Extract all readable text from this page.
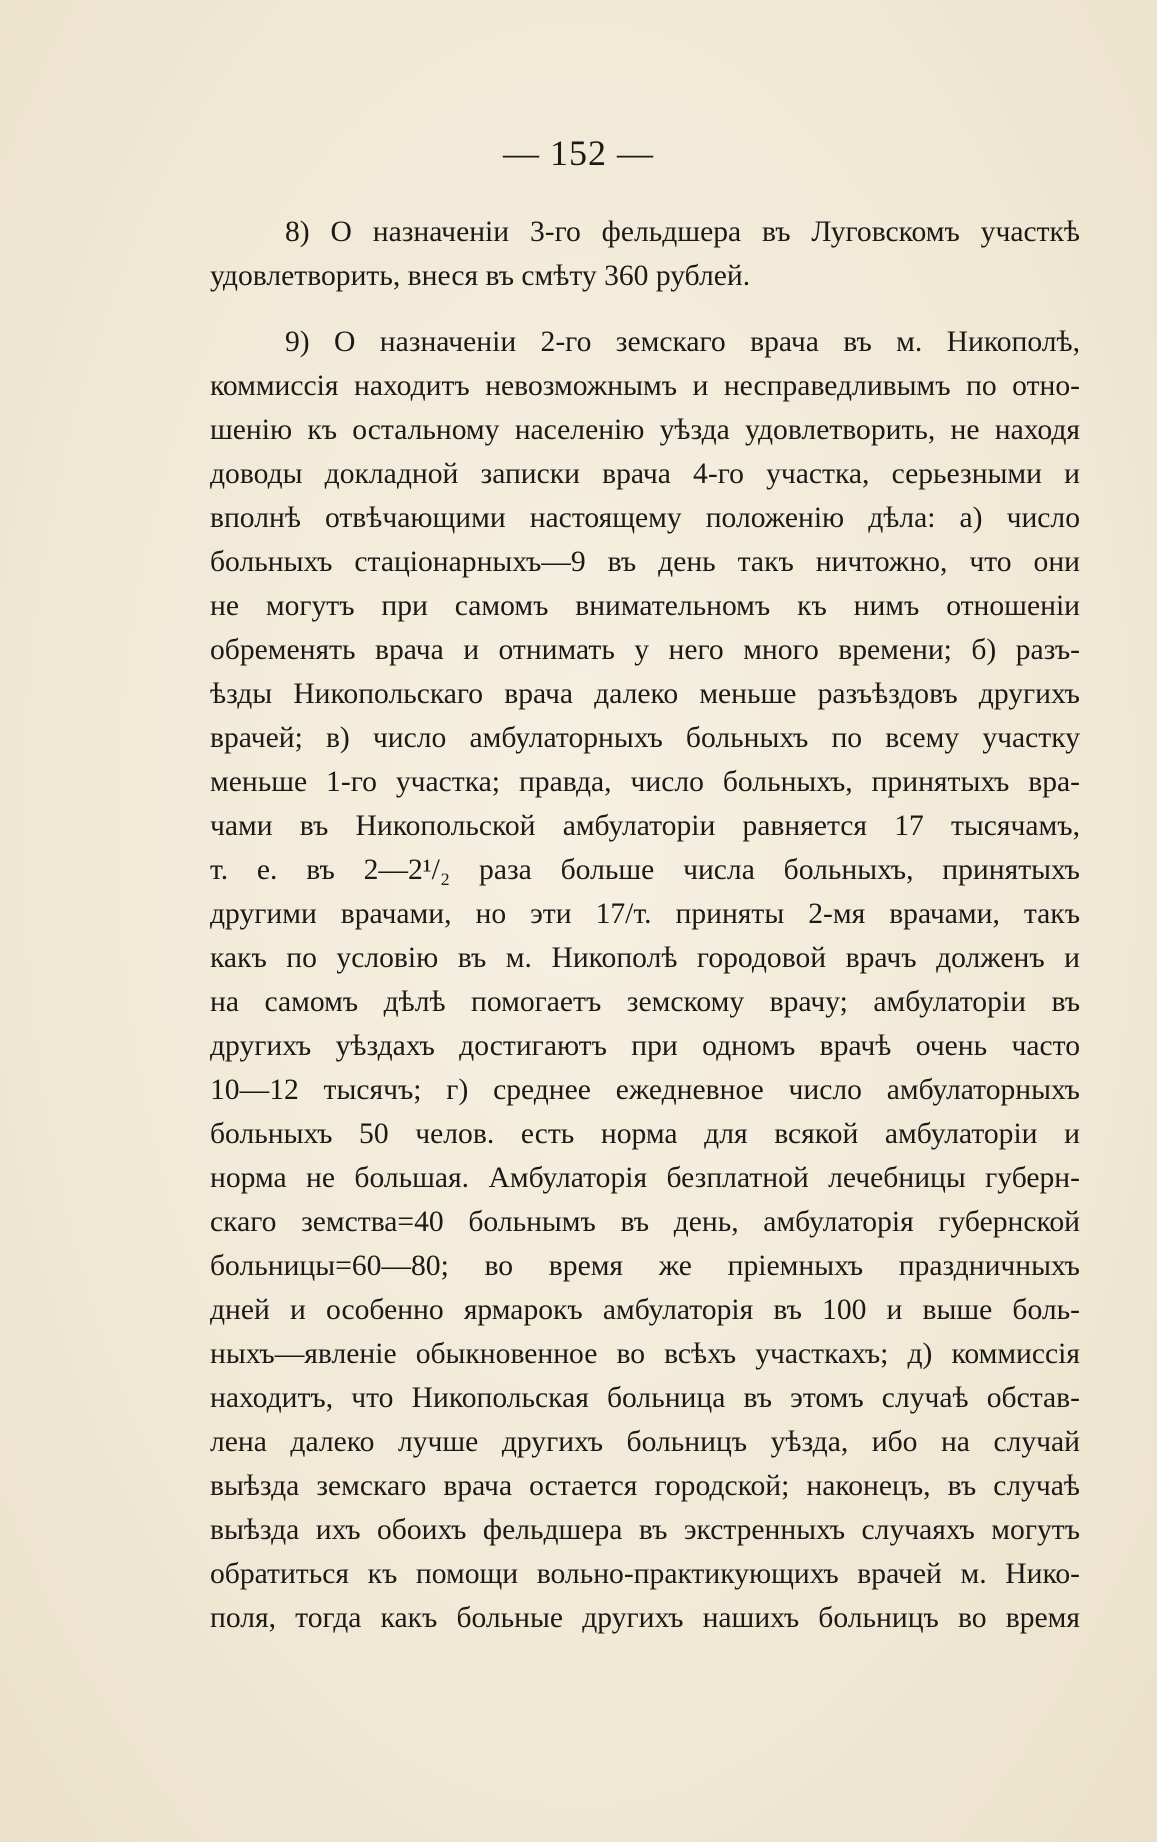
— 152 —
8) О назначеніи 3-го фельдшера въ Луговскомъ участкѣ
удовлетворить, внеся въ смѣту 360 рублей.
9) О назначеніи 2-го земскаго врача въ м. Никополѣ,
коммиссія находитъ невозможнымъ и несправедливымъ по отно-
шенію къ остальному населенію уѣзда удовлетворить, не находя
доводы докладной записки врача 4-го участка, серьезными и
вполнѣ отвѣчающими настоящему положенію дѣла: а) число
больныхъ стаціонарныхъ—9 въ день такъ ничтожно, что они
не могутъ при самомъ внимательномъ къ нимъ отношеніи
обременять врача и отнимать у него много времени; б) разъ-
ѣзды Никопольскаго врача далеко меньше разъѣздовъ другихъ
врачей; в) число амбулаторныхъ больныхъ по всему участку
меньше 1-го участка; правда, число больныхъ, принятыхъ вра-
чами въ Никопольской амбулаторіи равняется 17 тысячамъ,
т. е. въ 2—2¹/₂ раза больше числа больныхъ, принятыхъ
другими врачами, но эти 17/т. приняты 2-мя врачами, такъ
какъ по условію въ м. Никополѣ городовой врачъ долженъ и
на самомъ дѣлѣ помогаетъ земскому врачу; амбулаторіи въ
другихъ уѣздахъ достигаютъ при одномъ врачѣ очень часто
10—12 тысячъ; г) среднее ежедневное число амбулаторныхъ
больныхъ 50 челов. есть норма для всякой амбулаторіи и
норма не большая. Амбулаторія безплатной лечебницы губерн-
скаго земства=40 больнымъ въ день, амбулаторія губернской
больницы=60—80; во время же пріемныхъ праздничныхъ
дней и особенно ярмарокъ амбулаторія въ 100 и выше боль-
ныхъ—явленіе обыкновенное во всѣхъ участкахъ; д) коммиссія
находитъ, что Никопольская больница въ этомъ случаѣ обстав-
лена далеко лучше другихъ больницъ уѣзда, ибо на случай
выѣзда земскаго врача остается городской; наконецъ, въ случаѣ
выѣзда ихъ обоихъ фельдшера въ экстренныхъ случаяхъ могутъ
обратиться къ помощи вольно-практикующихъ врачей м. Нико-
поля, тогда какъ больные другихъ нашихъ больницъ во время
